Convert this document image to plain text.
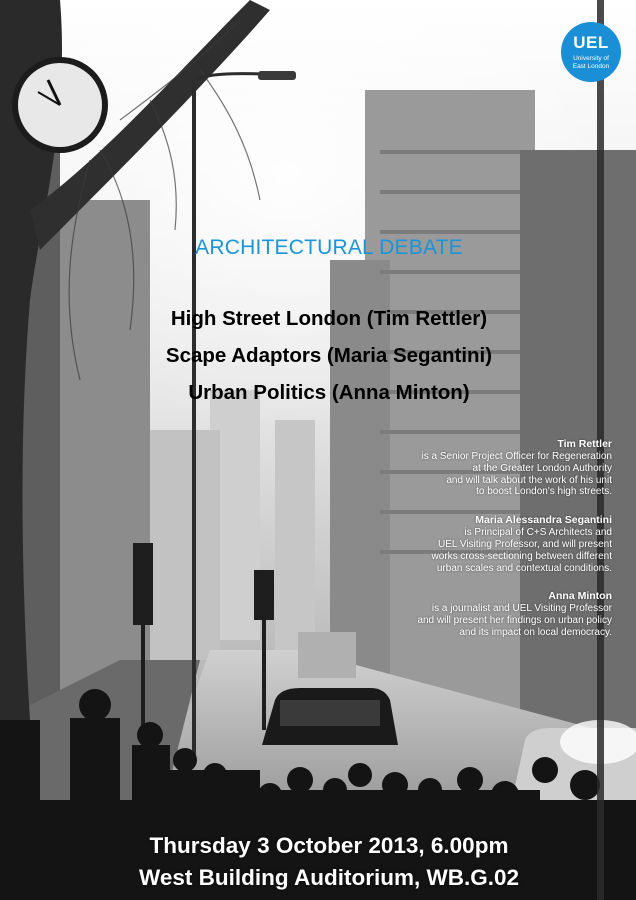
UEL
University of
East London
ARCHITECTURAL DEBATE
High Street London (Tim Rettler)
Scape Adaptors (Maria Segantini)
Urban Politics (Anna Minton)
Tim Rettler
is a Senior Project Officer for Regeneration
at the Greater London Authority
and will talk about the work of his unit
to boost London's high streets.
Maria Alessandra Segantini
is Principal of C+S Architects and
UEL Visiting Professor, and will present
works cross-sectioning between different
urban scales and contextual conditions.
Anna Minton
is a journalist and UEL Visiting Professor
and will present her findings on urban policy
and its impact on local democracy.
Thursday 3 October 2013, 6.00pm
West Building Auditorium, WB.G.02
